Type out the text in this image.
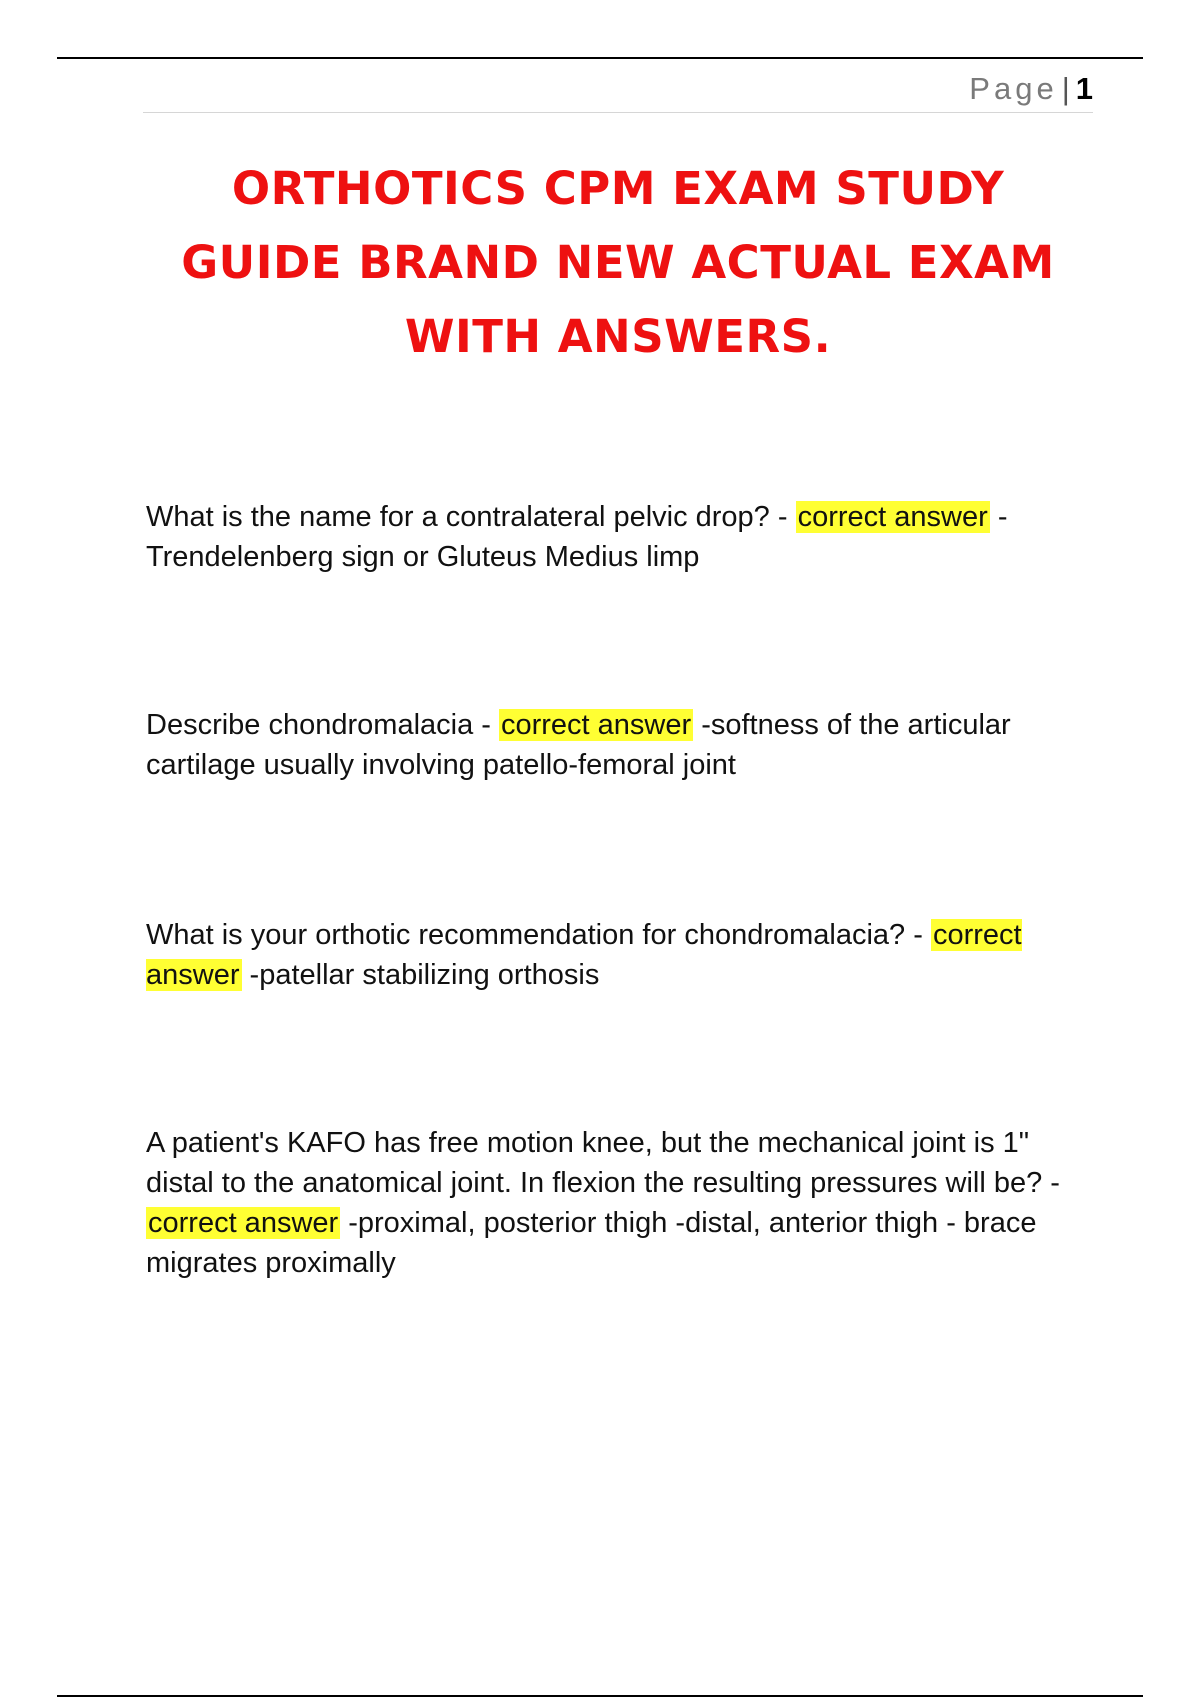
Page | 1
ORTHOTICS CPM EXAM STUDY
GUIDE BRAND NEW ACTUAL EXAM
WITH ANSWERS.

What is the name for a contralateral pelvic drop? - correct answer -Trendelenberg sign or Gluteus Medius limp

Describe chondromalacia - correct answer -softness of the articular cartilage usually involving patello-femoral joint

What is your orthotic recommendation for chondromalacia? - correct answer -patellar stabilizing orthosis

A patient's KAFO has free motion knee, but the mechanical joint is 1" distal to the anatomical joint. In flexion the resulting pressures will be? - correct answer -proximal, posterior thigh -distal, anterior thigh - brace migrates proximally
